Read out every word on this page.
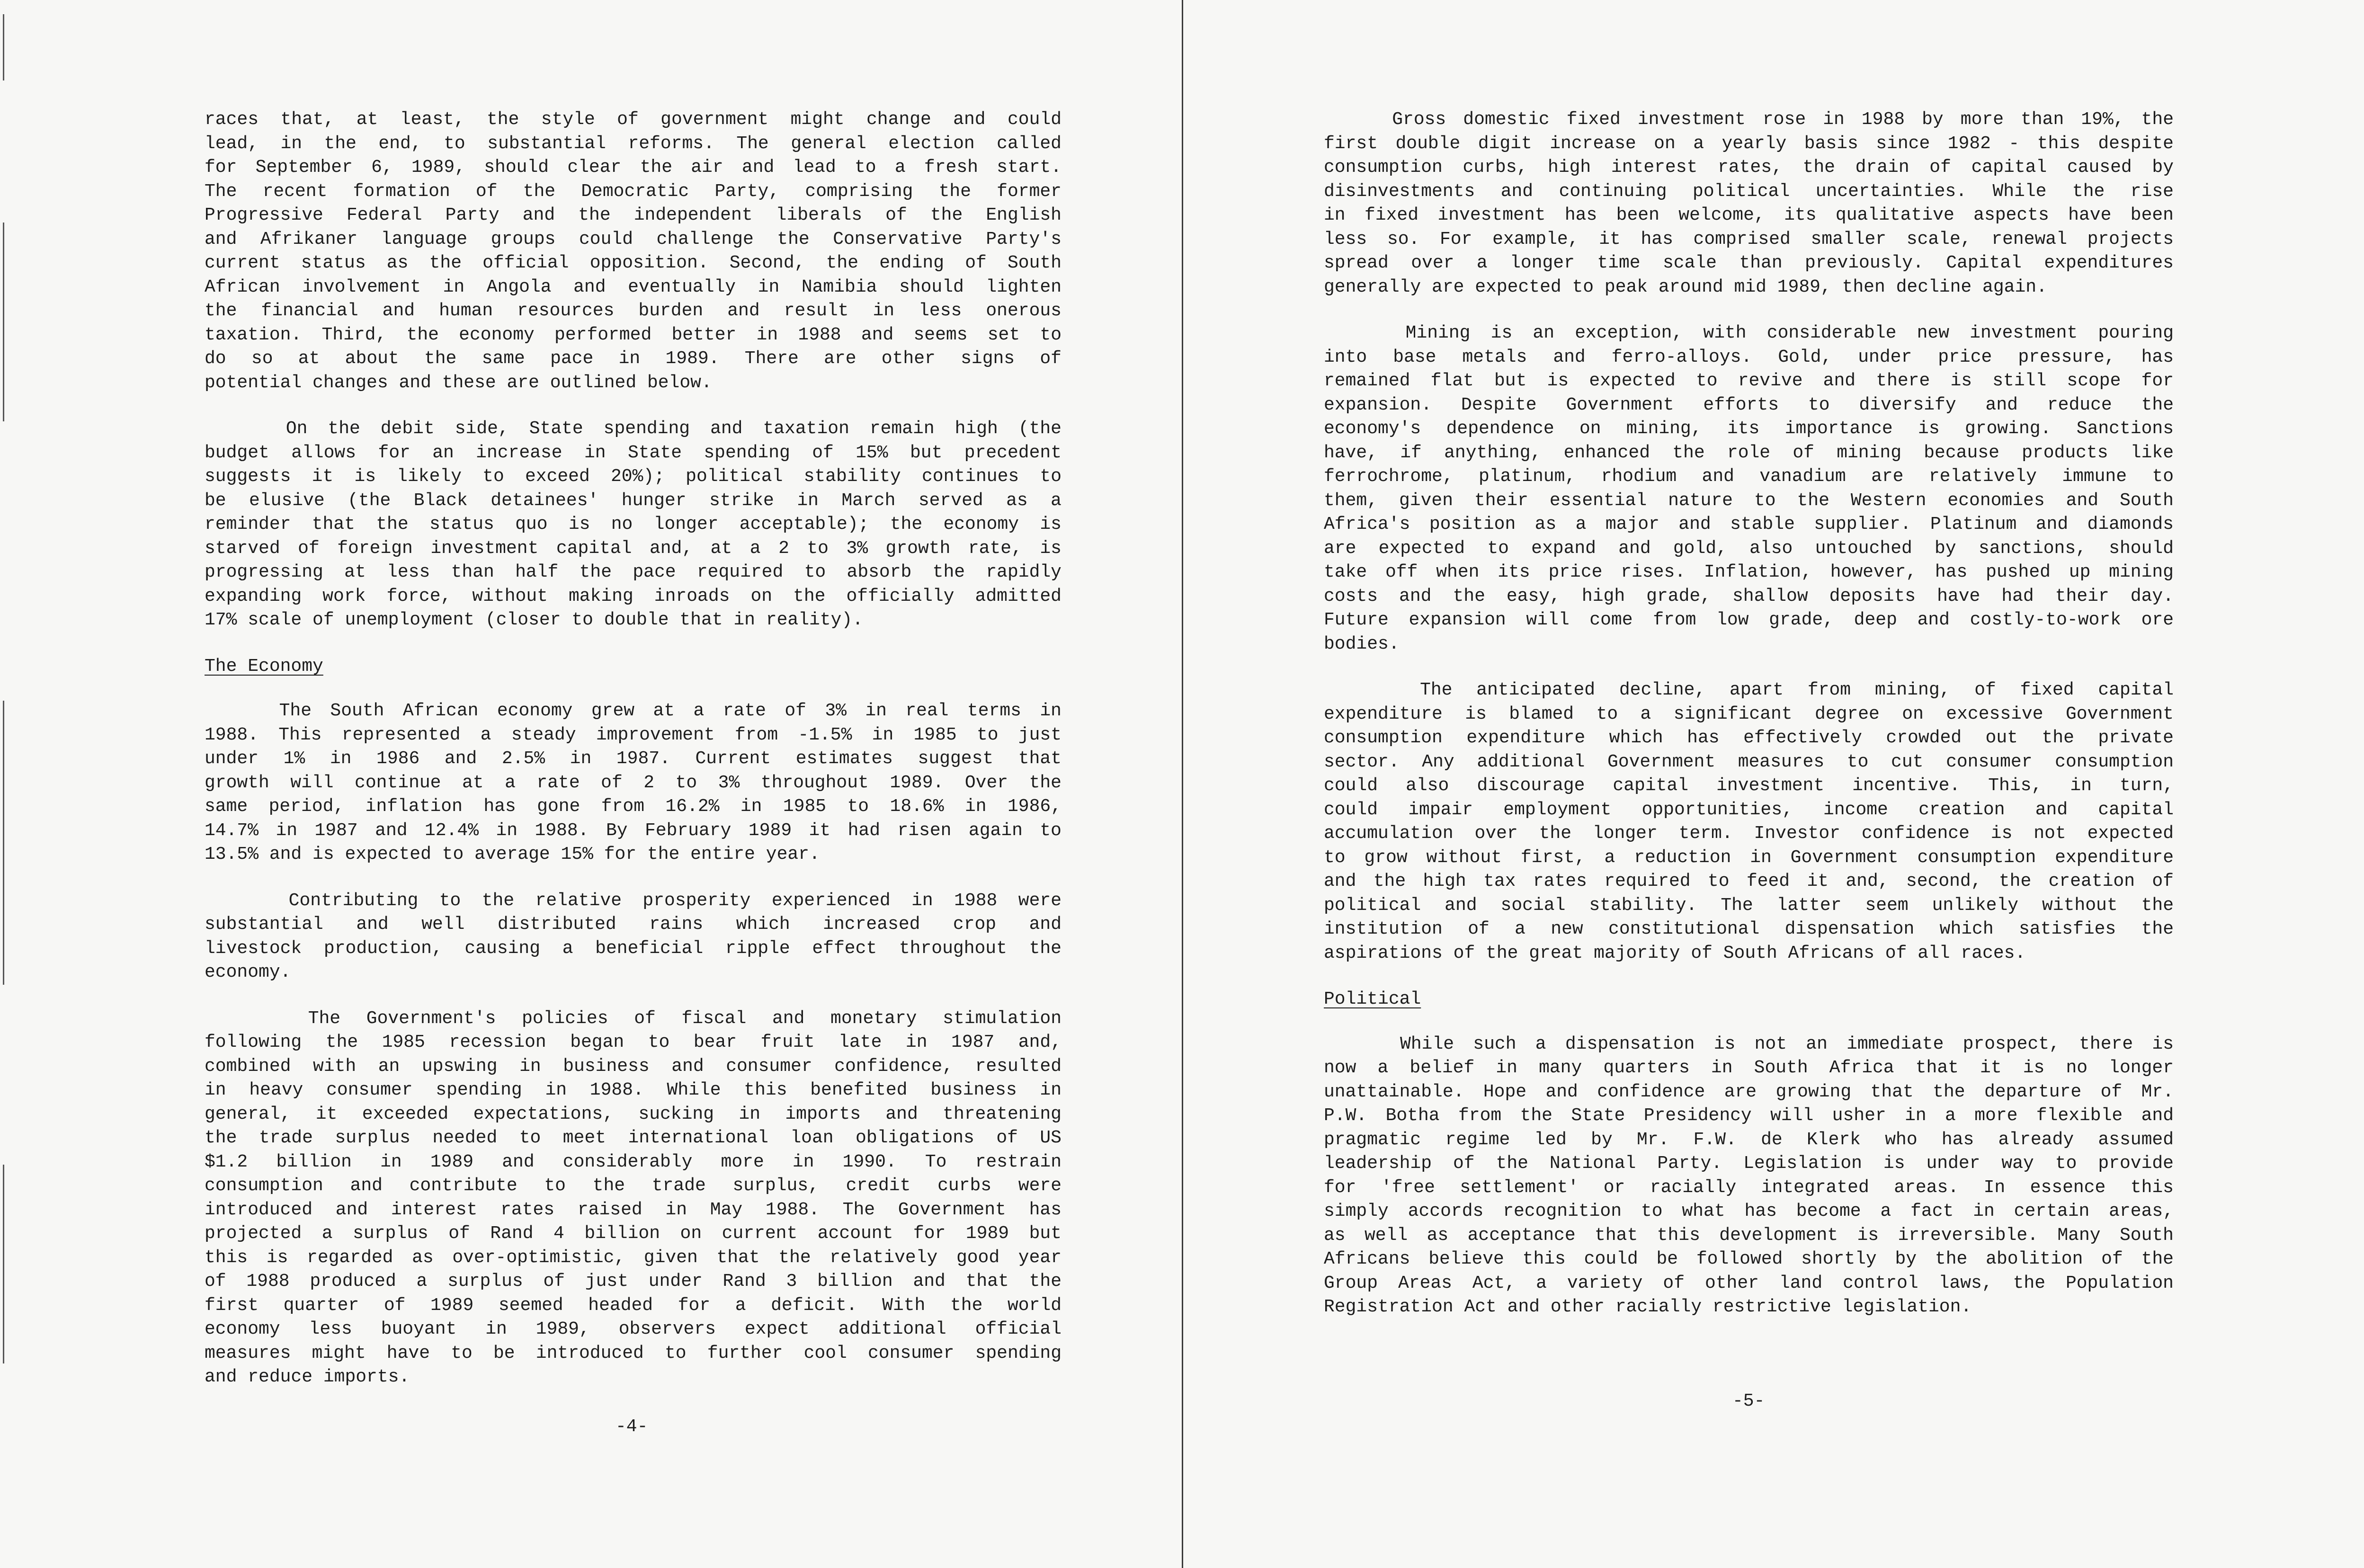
races that, at least, the style of government might change and could
lead, in the end, to substantial reforms. The general election called
for September 6, 1989, should clear the air and lead to a fresh start.
The recent formation of the Democratic Party, comprising the former
Progressive Federal Party and the independent liberals of the English
and Afrikaner language groups could challenge the Conservative Party's
current status as the official opposition. Second, the ending of South
African involvement in Angola and eventually in Namibia should lighten
the financial and human resources burden and result in less onerous
taxation. Third, the economy performed better in 1988 and seems set to
do so at about the same pace in 1989. There are other signs of
potential changes and these are outlined below.
On the debit side, State spending and taxation remain high (the
budget allows for an increase in State spending of 15% but precedent
suggests it is likely to exceed 20%); political stability continues to
be elusive (the Black detainees' hunger strike in March served as a
reminder that the status quo is no longer acceptable); the economy is
starved of foreign investment capital and, at a 2 to 3% growth rate, is
progressing at less than half the pace required to absorb the rapidly
expanding work force, without making inroads on the officially admitted
17% scale of unemployment (closer to double that in reality).
The Economy
The South African economy grew at a rate of 3% in real terms in
1988. This represented a steady improvement from -1.5% in 1985 to just
under 1% in 1986 and 2.5% in 1987. Current estimates suggest that
growth will continue at a rate of 2 to 3% throughout 1989. Over the
same period, inflation has gone from 16.2% in 1985 to 18.6% in 1986,
14.7% in 1987 and 12.4% in 1988. By February 1989 it had risen again to
13.5% and is expected to average 15% for the entire year.
Contributing to the relative prosperity experienced in 1988 were
substantial and well distributed rains which increased crop and
livestock production, causing a beneficial ripple effect throughout the
economy.
The Government's policies of fiscal and monetary stimulation
following the 1985 recession began to bear fruit late in 1987 and,
combined with an upswing in business and consumer confidence, resulted
in heavy consumer spending in 1988. While this benefited business in
general, it exceeded expectations, sucking in imports and threatening
the trade surplus needed to meet international loan obligations of US
$1.2 billion in 1989 and considerably more in 1990. To restrain
consumption and contribute to the trade surplus, credit curbs were
introduced and interest rates raised in May 1988. The Government has
projected a surplus of Rand 4 billion on current account for 1989 but
this is regarded as over-optimistic, given that the relatively good year
of 1988 produced a surplus of just under Rand 3 billion and that the
first quarter of 1989 seemed headed for a deficit. With the world
economy less buoyant in 1989, observers expect additional official
measures might have to be introduced to further cool consumer spending
and reduce imports.
-4-
Gross domestic fixed investment rose in 1988 by more than 19%, the
first double digit increase on a yearly basis since 1982 - this despite
consumption curbs, high interest rates, the drain of capital caused by
disinvestments and continuing political uncertainties. While the rise
in fixed investment has been welcome, its qualitative aspects have been
less so. For example, it has comprised smaller scale, renewal projects
spread over a longer time scale than previously. Capital expenditures
generally are expected to peak around mid 1989, then decline again.
Mining is an exception, with considerable new investment pouring
into base metals and ferro-alloys. Gold, under price pressure, has
remained flat but is expected to revive and there is still scope for
expansion. Despite Government efforts to diversify and reduce the
economy's dependence on mining, its importance is growing. Sanctions
have, if anything, enhanced the role of mining because products like
ferrochrome, platinum, rhodium and vanadium are relatively immune to
them, given their essential nature to the Western economies and South
Africa's position as a major and stable supplier. Platinum and diamonds
are expected to expand and gold, also untouched by sanctions, should
take off when its price rises. Inflation, however, has pushed up mining
costs and the easy, high grade, shallow deposits have had their day.
Future expansion will come from low grade, deep and costly-to-work ore
bodies.
The anticipated decline, apart from mining, of fixed capital
expenditure is blamed to a significant degree on excessive Government
consumption expenditure which has effectively crowded out the private
sector. Any additional Government measures to cut consumer consumption
could also discourage capital investment incentive. This, in turn,
could impair employment opportunities, income creation and capital
accumulation over the longer term. Investor confidence is not expected
to grow without first, a reduction in Government consumption expenditure
and the high tax rates required to feed it and, second, the creation of
political and social stability. The latter seem unlikely without the
institution of a new constitutional dispensation which satisfies the
aspirations of the great majority of South Africans of all races.
Political
While such a dispensation is not an immediate prospect, there is
now a belief in many quarters in South Africa that it is no longer
unattainable. Hope and confidence are growing that the departure of Mr.
P.W. Botha from the State Presidency will usher in a more flexible and
pragmatic regime led by Mr. F.W. de Klerk who has already assumed
leadership of the National Party. Legislation is under way to provide
for 'free settlement' or racially integrated areas. In essence this
simply accords recognition to what has become a fact in certain areas,
as well as acceptance that this development is irreversible. Many South
Africans believe this could be followed shortly by the abolition of the
Group Areas Act, a variety of other land control laws, the Population
Registration Act and other racially restrictive legislation.
-5-
